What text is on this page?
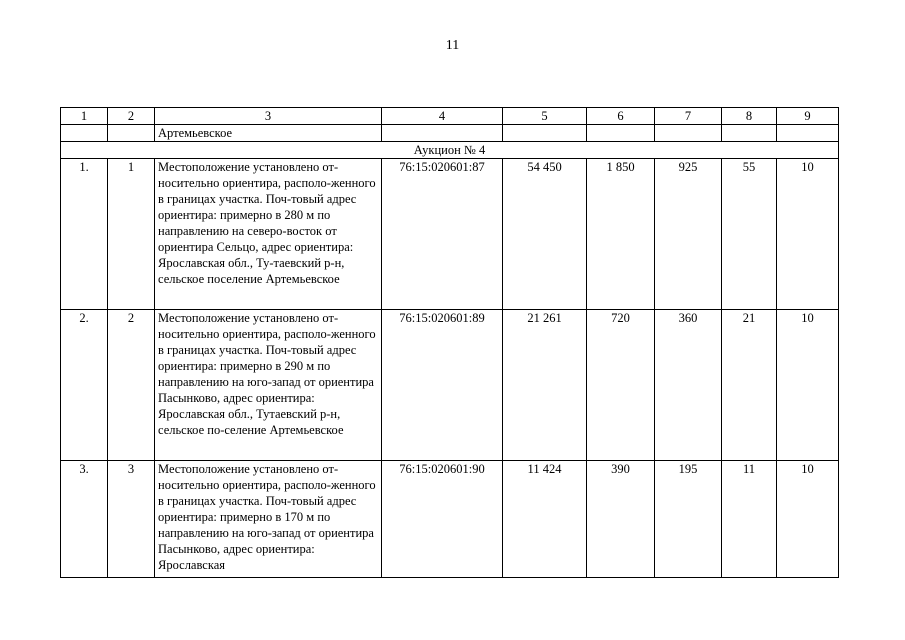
11
1	2	3	4	5	6	7	8	9
		Артемьевское						
Аукцион № 4								
1.	1	Местоположение установлено от-носительно ориентира, располо-женного в границах участка. Поч-товый адрес ориентира: примерно в 280 м по направлению на северо-восток от ориентира Сельцо, адрес ориентира: Ярославская обл., Ту-таевский р-н, сельское поселение Артемьевское	76:15:020601:87	54 450	1 850	925	55	10
2.	2	Местоположение установлено от-носительно ориентира, располо-женного в границах участка. Поч-товый адрес ориентира: примерно в 290 м по направлению на юго-запад от ориентира Пасынково, адрес ориентира: Ярославская обл., Тутаевский р-н, сельское по-селение Артемьевское	76:15:020601:89	21 261	720	360	21	10
3.	3	Местоположение установлено от-носительно ориентира, располо-женного в границах участка. Поч-товый адрес ориентира: примерно в 170 м по направлению на юго-запад от ориентира Пасынково, адрес ориентира: Ярославская	76:15:020601:90	11 424	390	195	11	10
